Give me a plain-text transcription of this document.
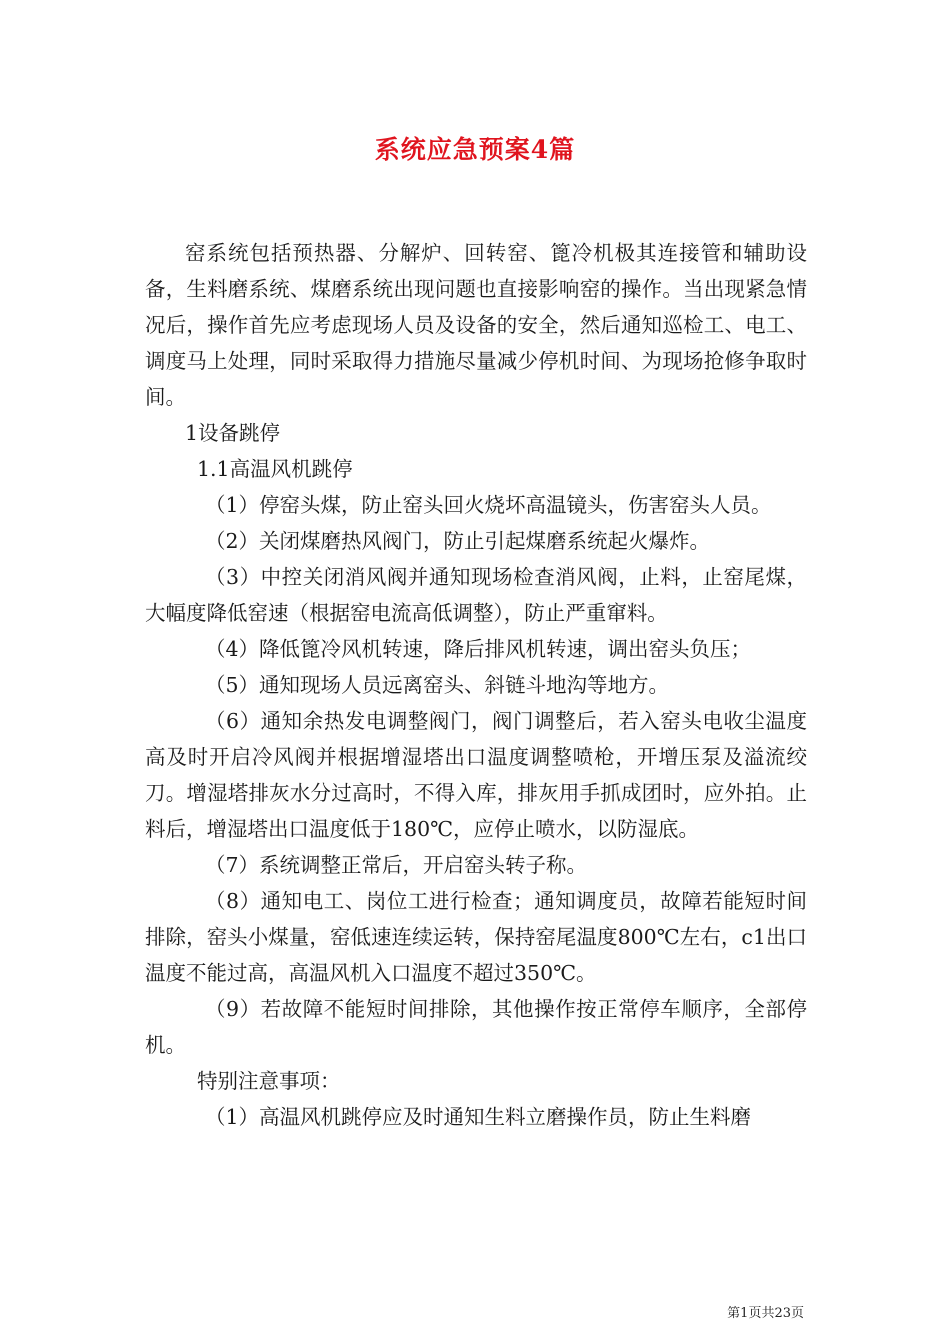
系统应急预案4篇

窑系统包括预热器、分解炉、回转窑、篦冷机极其连接管和辅助设备，生料磨系统、煤磨系统出现问题也直接影响窑的操作。当出现紧急情况后，操作首先应考虑现场人员及设备的安全，然后通知巡检工、电工、调度马上处理，同时采取得力措施尽量减少停机时间、为现场抢修争取时间。

1设备跳停

1.1高温风机跳停

（1）停窑头煤，防止窑头回火烧坏高温镜头，伤害窑头人员。

（2）关闭煤磨热风阀门，防止引起煤磨系统起火爆炸。

（3）中控关闭消风阀并通知现场检查消风阀，止料，止窑尾煤，大幅度降低窑速（根据窑电流高低调整），防止严重窜料。

（4）降低篦冷风机转速，降后排风机转速，调出窑头负压；

（5）通知现场人员远离窑头、斜链斗地沟等地方。

（6）通知余热发电调整阀门，阀门调整后，若入窑头电收尘温度高及时开启冷风阀并根据增湿塔出口温度调整喷枪，开增压泵及溢流绞刀。增湿塔排灰水分过高时，不得入库，排灰用手抓成团时，应外拍。止料后，增湿塔出口温度低于180℃，应停止喷水，以防湿底。

（7）系统调整正常后，开启窑头转子称。

（8）通知电工、岗位工进行检查；通知调度员，故障若能短时间排除，窑头小煤量，窑低速连续运转，保持窑尾温度800℃左右，c1出口温度不能过高，高温风机入口温度不超过350℃。

（9）若故障不能短时间排除，其他操作按正常停车顺序，全部停机。

特别注意事项：

（1）高温风机跳停应及时通知生料立磨操作员，防止生料磨

第1页共23页
